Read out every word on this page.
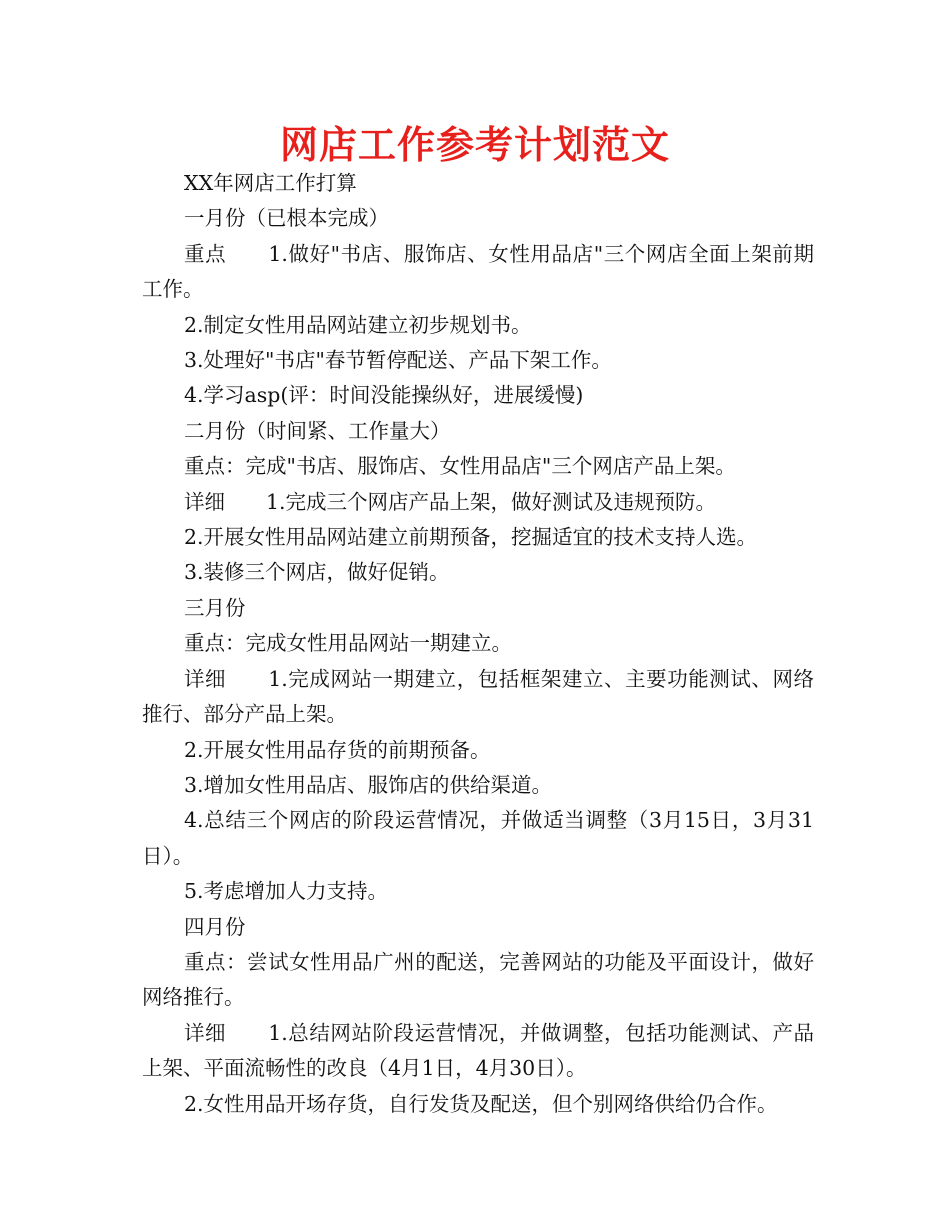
网店工作参考计划范文

XX年网店工作打算

一月份（已根本完成）

重点　　1.做好"书店、服饰店、女性用品店"三个网店全面上架前期工作。

2.制定女性用品网站建立初步规划书。

3.处理好"书店"春节暂停配送、产品下架工作。

4.学习asp(评：时间没能操纵好，进展缓慢)

二月份（时间紧、工作量大）

重点：完成"书店、服饰店、女性用品店"三个网店产品上架。

详细　　1.完成三个网店产品上架，做好测试及违规预防。

2.开展女性用品网站建立前期预备，挖掘适宜的技术支持人选。

3.装修三个网店，做好促销。

三月份

重点：完成女性用品网站一期建立。

详细　　1.完成网站一期建立，包括框架建立、主要功能测试、网络推行、部分产品上架。

2.开展女性用品存货的前期预备。

3.增加女性用品店、服饰店的供给渠道。

4.总结三个网店的阶段运营情况，并做适当调整（3月15日，3月31日）。

5.考虑增加人力支持。

四月份

重点：尝试女性用品广州的配送，完善网站的功能及平面设计，做好网络推行。

详细　　1.总结网站阶段运营情况，并做调整，包括功能测试、产品上架、平面流畅性的改良（4月1日，4月30日）。

2.女性用品开场存货，自行发货及配送，但个别网络供给仍合作。
